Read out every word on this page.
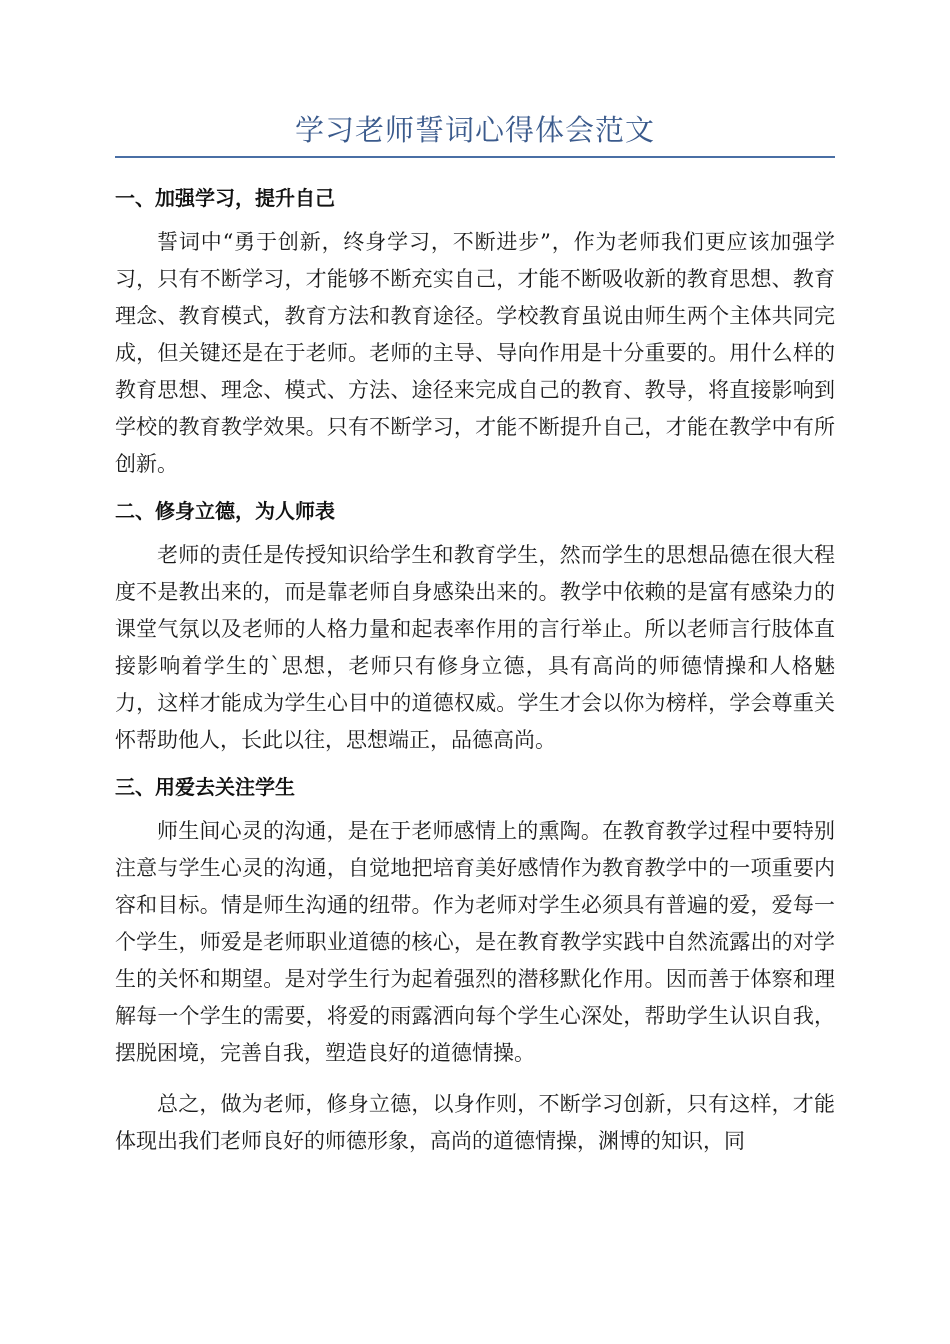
学习老师誓词心得体会范文
一、加强学习，提升自己

誓词中“勇于创新，终身学习，不断进步”，作为老师我们更应该加强学习，只有不断学习，才能够不断充实自己，才能不断吸收新的教育思想、教育理念、教育模式，教育方法和教育途径。学校教育虽说由师生两个主体共同完成，但关键还是在于老师。老师的主导、导向作用是十分重要的。用什么样的教育思想、理念、模式、方法、途径来完成自己的教育、教导，将直接影响到学校的教育教学效果。只有不断学习，才能不断提升自己，才能在教学中有所创新。

二、修身立德，为人师表

老师的责任是传授知识给学生和教育学生，然而学生的思想品德在很大程度不是教出来的，而是靠老师自身感染出来的。教学中依赖的是富有感染力的课堂气氛以及老师的人格力量和起表率作用的言行举止。所以老师言行肢体直接影响着学生的`思想，老师只有修身立德，具有高尚的师德情操和人格魅力，这样才能成为学生心目中的道德权威。学生才会以你为榜样，学会尊重关怀帮助他人，长此以往，思想端正，品德高尚。

三、用爱去关注学生

师生间心灵的沟通，是在于老师感情上的熏陶。在教育教学过程中要特别注意与学生心灵的沟通，自觉地把培育美好感情作为教育教学中的一项重要内容和目标。情是师生沟通的纽带。作为老师对学生必须具有普遍的爱，爱每一个学生，师爱是老师职业道德的核心，是在教育教学实践中自然流露出的对学生的关怀和期望。是对学生行为起着强烈的潜移默化作用。因而善于体察和理解每一个学生的需要，将爱的雨露洒向每个学生心深处，帮助学生认识自我，摆脱困境，完善自我，塑造良好的道德情操。

总之，做为老师，修身立德，以身作则，不断学习创新，只有这样，才能体现出我们老师良好的师德形象，高尚的道德情操，渊博的知识，同
